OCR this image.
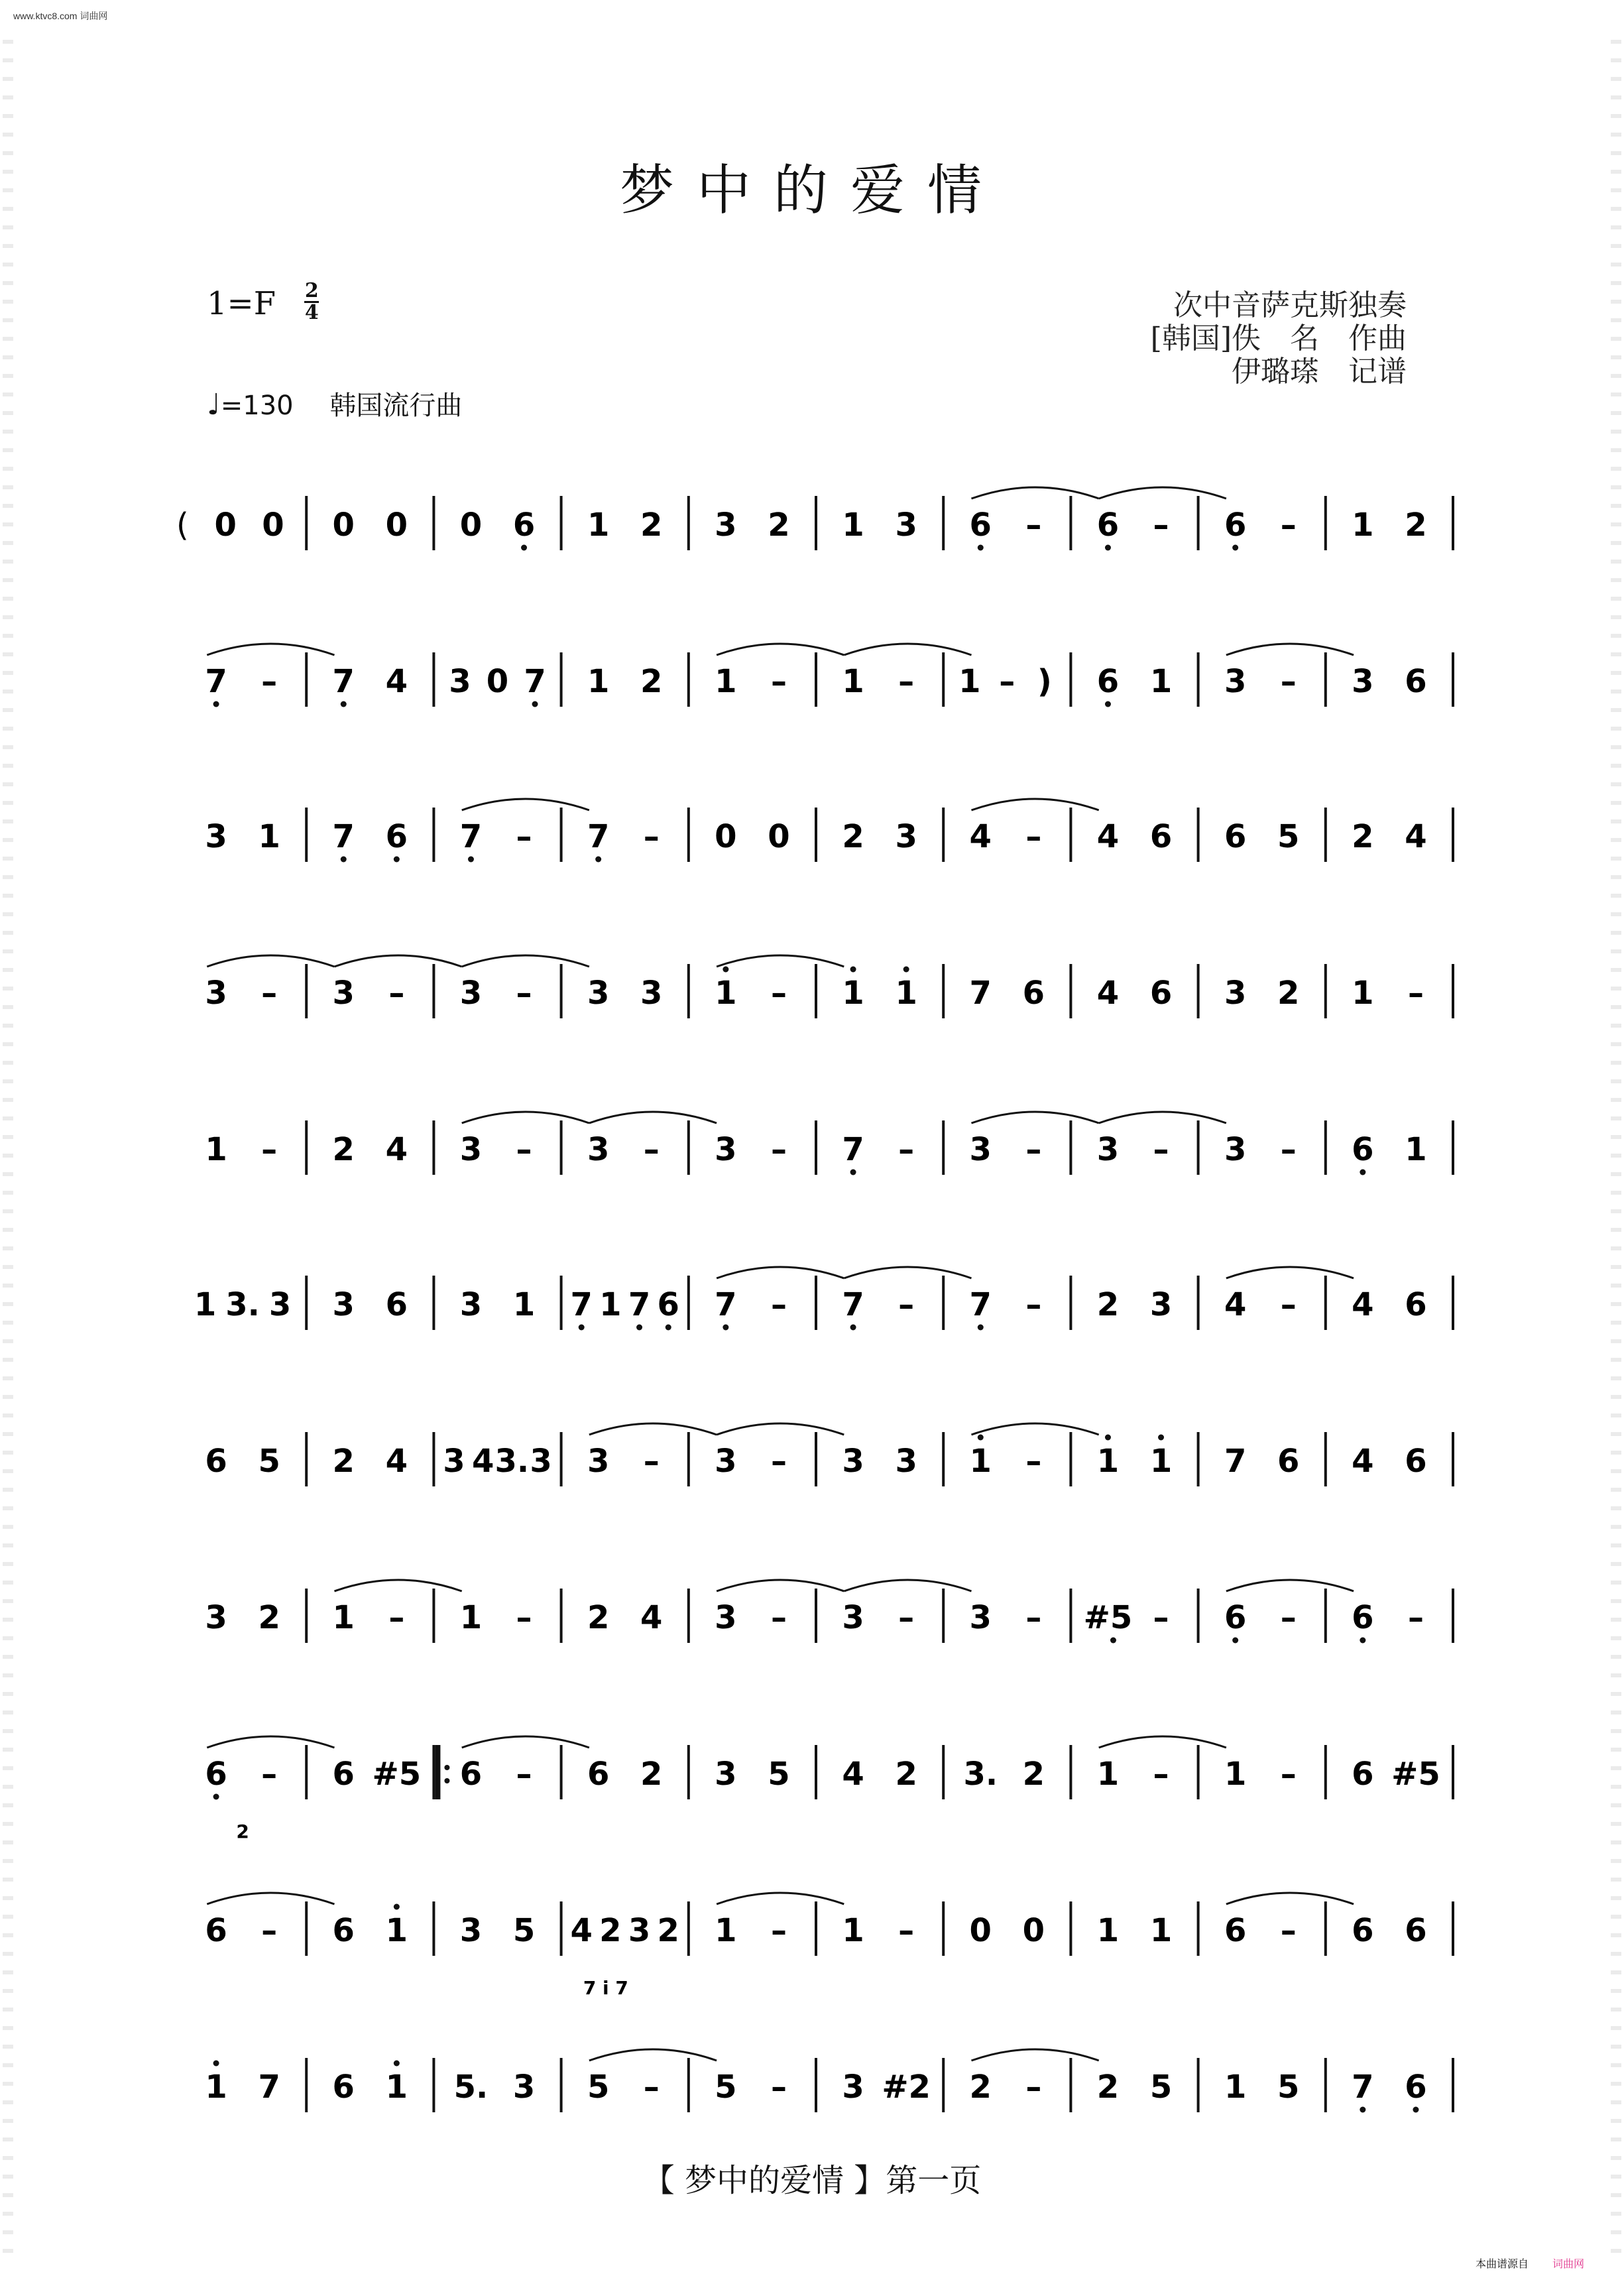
www.ktvc8.com 词曲网
梦中的爱情
$1=F \frac{2}{4}$
♩=130 韩国流行曲
次中音萨克斯独奏
[韩国]佚　名　作曲
伊璐瑹　记谱
( 0 0 0 0 0 6 1 2 3 2 1 3 6 – 6 – 6 – 1 2
7 – 7 4 3 0 7 1 2 1 – 1 – 1 – ) 6 1 3 – 3 6
3 1 7 6 7 – 7 – 0 0 2 3 4 – 4 6 6 5 2 4
3 – 3 – 3 – 3 3 1 – 1 1 7 6 4 6 3 2 1 –
1 – 2 4 3 – 3 – 3 – 7 – 3 – 3 – 3 – 6 1
1 3. 3 3 6 3 1 7 1 7 6 7 – 7 – 7 – 2 3 4 – 4 6
6 5 2 4 3 4 3. 3 3 – 3 – 3 3 1 – 1 1 7 6 4 6
3 2 1 – 1 – 2 4 3 – 3 – 3 – #5 – 6 – 6 –
6 – 6 #5 6 – 6 2 3 5 4 2 3. 2 1 – 1 – 6 #5
6 – 6 1 3 5 4 2 3 2 1 – 1 – 0 0 1 1 6 – 6 6
1 7 6 1 5. 3 5 – 5 – 3 #2 2 – 2 5 1 5 7 6
2
7 i 7
【 梦中的爱情 】第一页
本曲谱源自 词曲网
